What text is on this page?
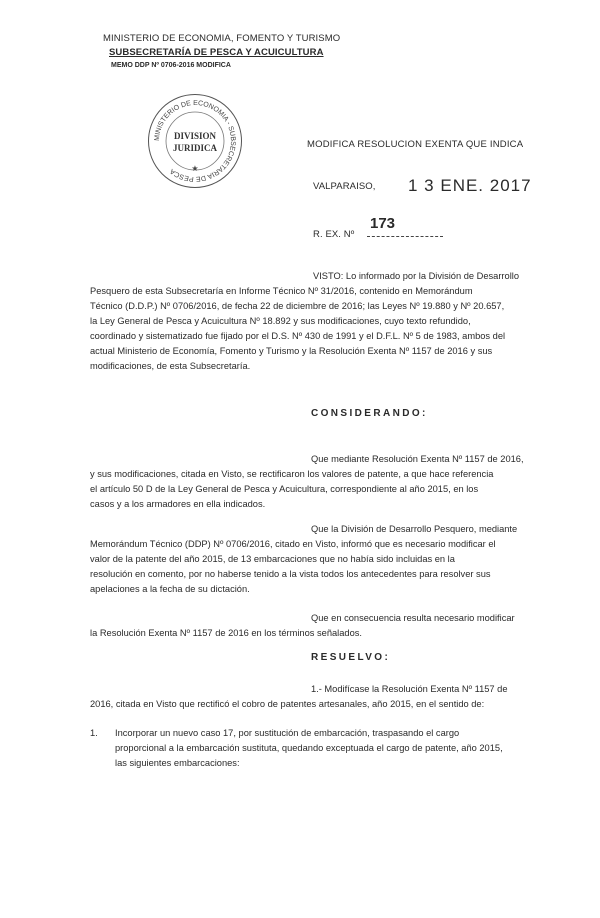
MINISTERIO DE ECONOMIA, FOMENTO Y TURISMO
SUBSECRETARÍA DE PESCA Y ACUICULTURA
MEMO DDP Nº 0706-2016 MODIFICA
MINISTERIO DE ECONOMIA - SUBSECRETARIA DE PESCA
DIVISION
JURIDICA
★
MODIFICA RESOLUCION EXENTA QUE INDICA
VALPARAISO, 1 3 ENE. 2017
R. EX. Nº
173
VISTO: Lo informado por la División de Desarrollo
Pesquero de esta Subsecretaría en Informe Técnico Nº 31/2016, contenido en Memorándum
Técnico (D.D.P.) Nº 0706/2016, de fecha 22 de diciembre de 2016; las Leyes Nº 19.880 y Nº 20.657,
la Ley General de Pesca y Acuicultura Nº 18.892 y sus modificaciones, cuyo texto refundido,
coordinado y sistematizado fue fijado por el D.S. Nº 430 de 1991 y el D.F.L. Nº 5 de 1983, ambos del
actual Ministerio de Economía, Fomento y Turismo y la Resolución Exenta Nº 1157 de 2016 y sus
modificaciones, de esta Subsecretaría.
CONSIDERANDO:
Que mediante Resolución Exenta Nº 1157 de 2016,
y sus modificaciones, citada en Visto, se rectificaron los valores de patente, a que hace referencia
el artículo 50 D de la Ley General de Pesca y Acuicultura, correspondiente al año 2015, en los
casos y a los armadores en ella indicados.
Que la División de Desarrollo Pesquero, mediante
Memorándum Técnico (DDP) Nº 0706/2016, citado en Visto, informó que es necesario modificar el
valor de la patente del año 2015, de 13 embarcaciones que no había sido incluidas en la
resolución en comento, por no haberse tenido a la vista todos los antecedentes para resolver sus
apelaciones a la fecha de su dictación.
Que en consecuencia resulta necesario modificar
la Resolución Exenta Nº 1157 de 2016 en los términos señalados.
RESUELVO:
1.- Modifícase la Resolución Exenta Nº 1157 de
2016, citada en Visto que rectificó el cobro de patentes artesanales, año 2015, en el sentido de:
1. Incorporar un nuevo caso 17, por sustitución de embarcación, traspasando el cargo
proporcional a la embarcación sustituta, quedando exceptuada el cargo de patente, año 2015,
las siguientes embarcaciones:
